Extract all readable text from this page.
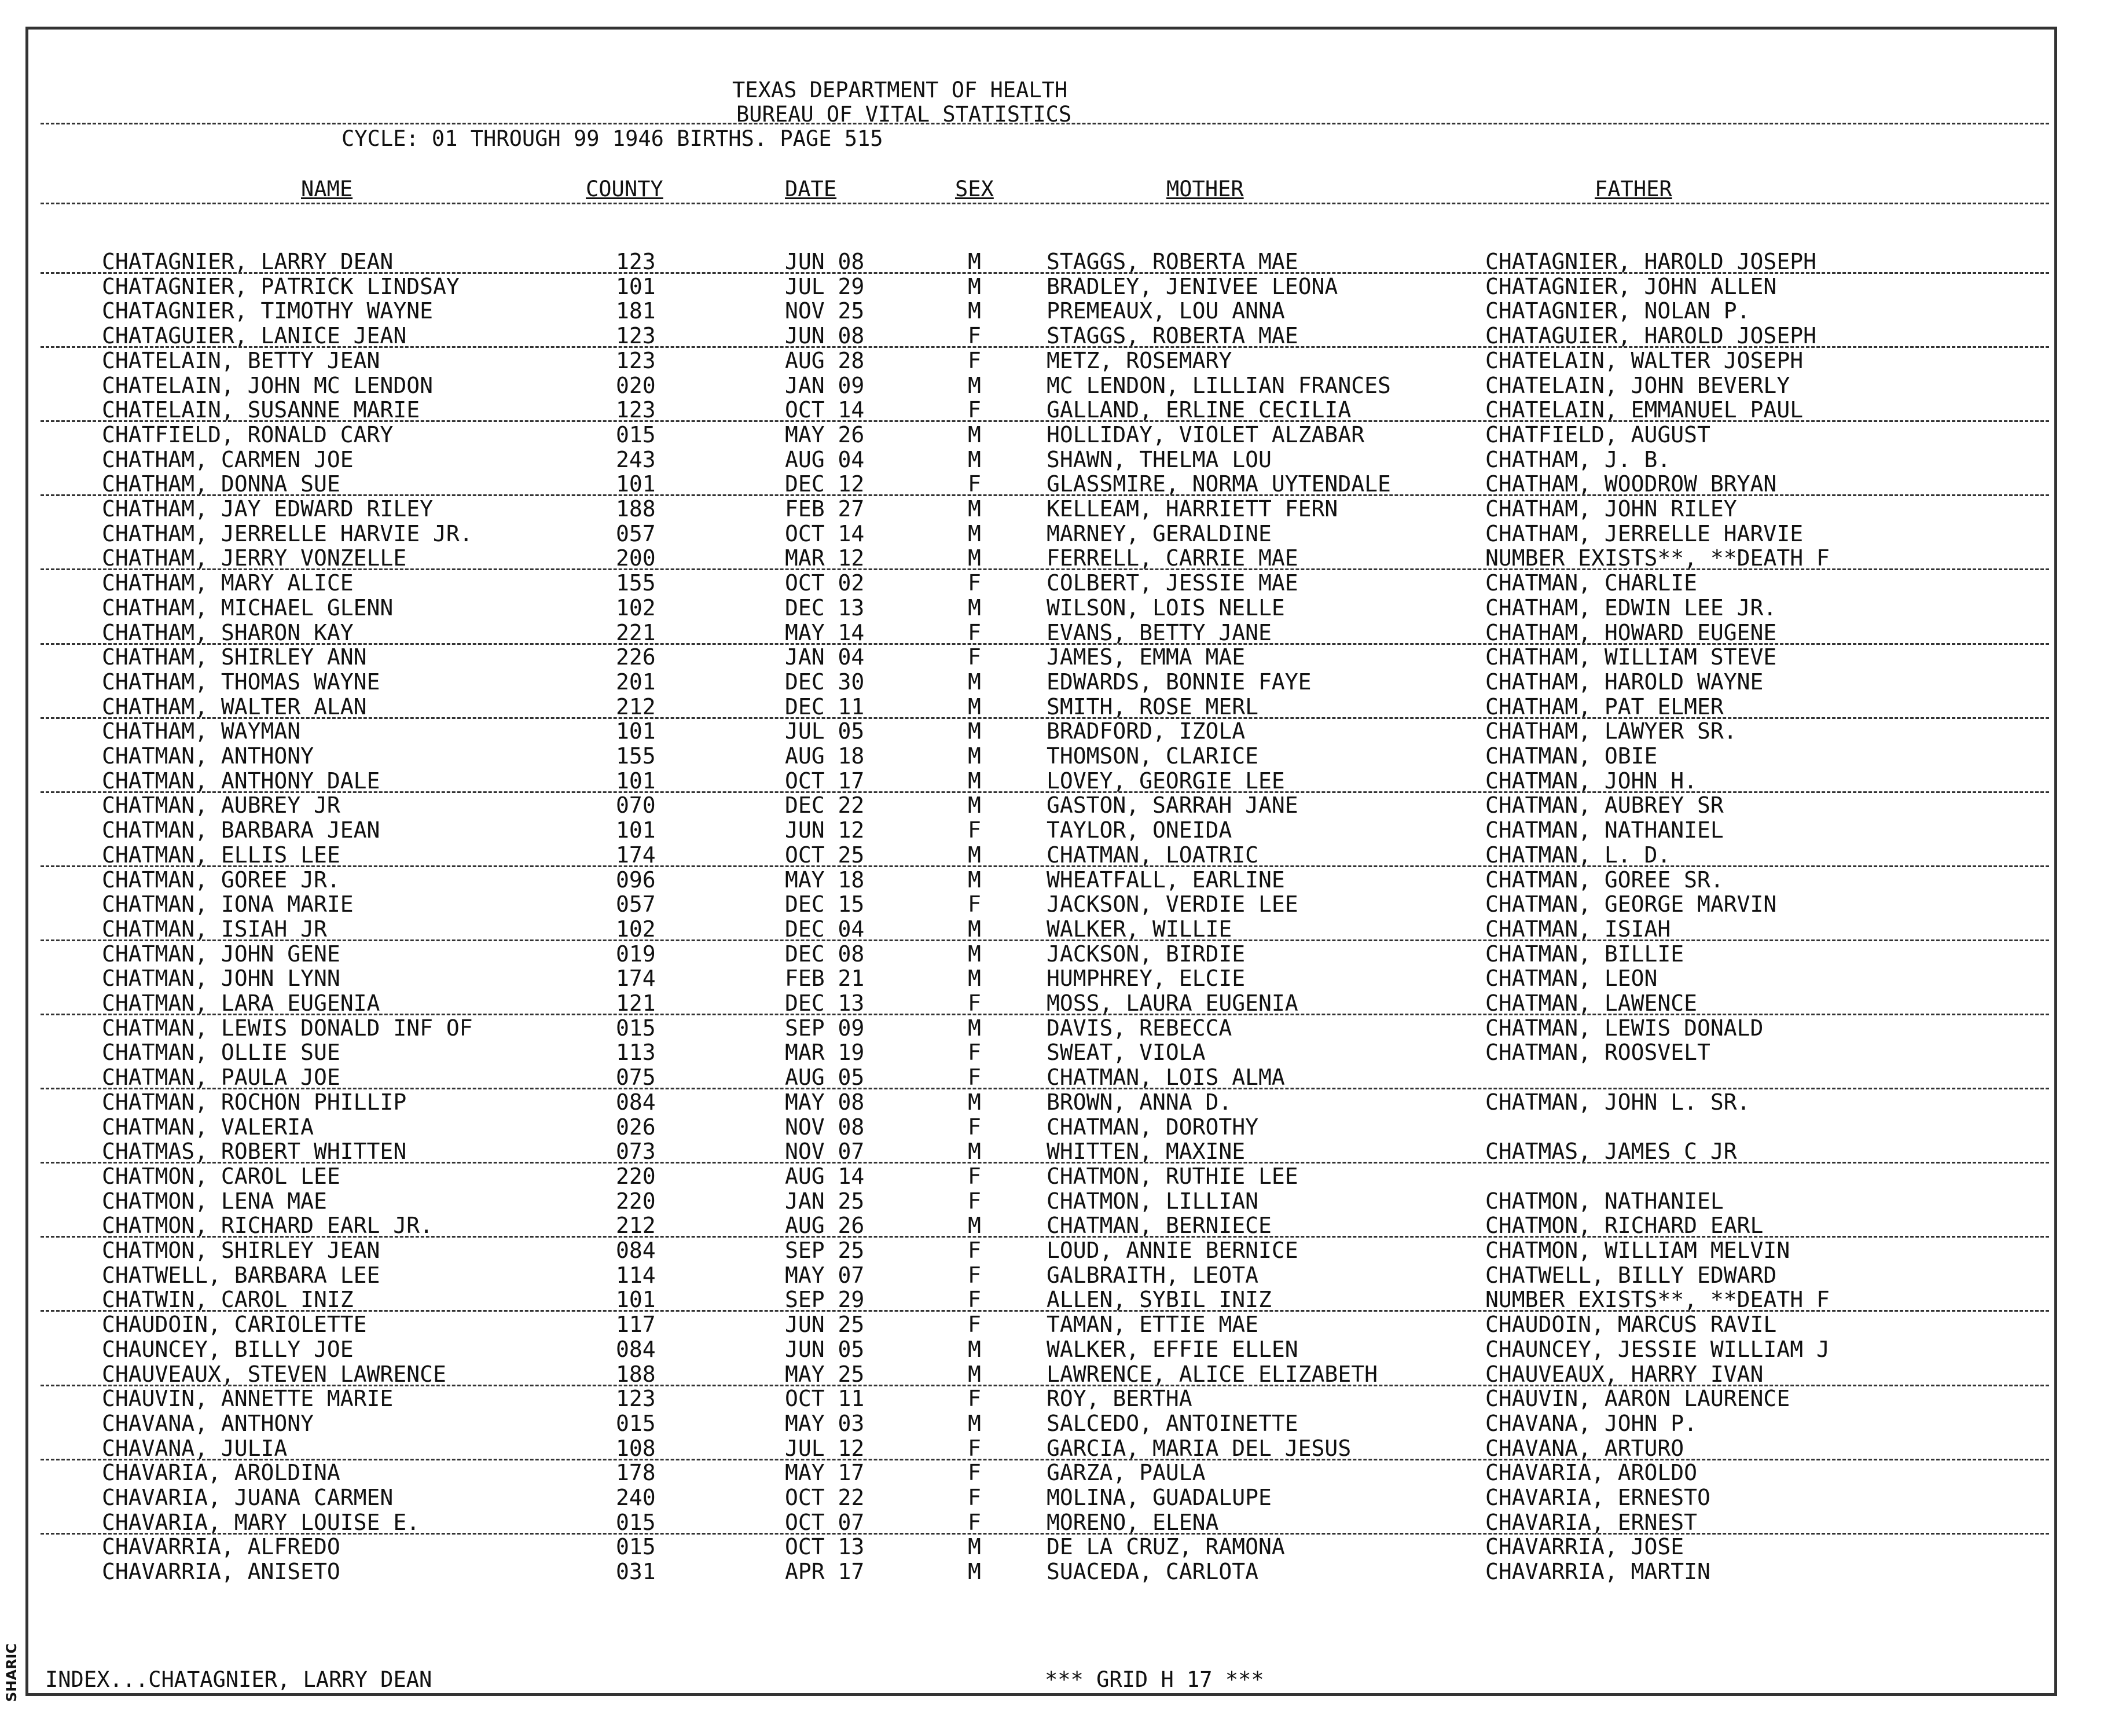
SHARIC
TEXAS DEPARTMENT OF HEALTH
BUREAU OF VITAL STATISTICS
CYCLE: 01 THROUGH 99 1946 BIRTHS. PAGE 515
NAME	COUNTY	DATE	SEX	MOTHER	FATHER
CHATAGNIER, LARRY DEAN	123	JUN 08	M	STAGGS, ROBERTA MAE	CHATAGNIER, HAROLD JOSEPH
CHATAGNIER, PATRICK LINDSAY	101	JUL 29	M	BRADLEY, JENIVEE LEONA	CHATAGNIER, JOHN ALLEN
CHATAGNIER, TIMOTHY WAYNE	181	NOV 25	M	PREMEAUX, LOU ANNA	CHATAGNIER, NOLAN P.
CHATAGUIER, LANICE JEAN	123	JUN 08	F	STAGGS, ROBERTA MAE	CHATAGUIER, HAROLD JOSEPH
CHATELAIN, BETTY JEAN	123	AUG 28	F	METZ, ROSEMARY	CHATELAIN, WALTER JOSEPH
CHATELAIN, JOHN MC LENDON	020	JAN 09	M	MC LENDON, LILLIAN FRANCES	CHATELAIN, JOHN BEVERLY
CHATELAIN, SUSANNE MARIE	123	OCT 14	F	GALLAND, ERLINE CECILIA	CHATELAIN, EMMANUEL PAUL
CHATFIELD, RONALD CARY	015	MAY 26	M	HOLLIDAY, VIOLET ALZABAR	CHATFIELD, AUGUST
CHATHAM, CARMEN JOE	243	AUG 04	M	SHAWN, THELMA LOU	CHATHAM, J. B.
CHATHAM, DONNA SUE	101	DEC 12	F	GLASSMIRE, NORMA UYTENDALE	CHATHAM, WOODROW BRYAN
CHATHAM, JAY EDWARD RILEY	188	FEB 27	M	KELLEAM, HARRIETT FERN	CHATHAM, JOHN RILEY
CHATHAM, JERRELLE HARVIE JR.	057	OCT 14	M	MARNEY, GERALDINE	CHATHAM, JERRELLE HARVIE
CHATHAM, JERRY VONZELLE	200	MAR 12	M	FERRELL, CARRIE MAE	NUMBER EXISTS**, **DEATH F
CHATHAM, MARY ALICE	155	OCT 02	F	COLBERT, JESSIE MAE	CHATMAN, CHARLIE
CHATHAM, MICHAEL GLENN	102	DEC 13	M	WILSON, LOIS NELLE	CHATHAM, EDWIN LEE JR.
CHATHAM, SHARON KAY	221	MAY 14	F	EVANS, BETTY JANE	CHATHAM, HOWARD EUGENE
CHATHAM, SHIRLEY ANN	226	JAN 04	F	JAMES, EMMA MAE	CHATHAM, WILLIAM STEVE
CHATHAM, THOMAS WAYNE	201	DEC 30	M	EDWARDS, BONNIE FAYE	CHATHAM, HAROLD WAYNE
CHATHAM, WALTER ALAN	212	DEC 11	M	SMITH, ROSE MERL	CHATHAM, PAT ELMER
CHATHAM, WAYMAN	101	JUL 05	M	BRADFORD, IZOLA	CHATHAM, LAWYER SR.
CHATMAN, ANTHONY	155	AUG 18	M	THOMSON, CLARICE	CHATMAN, OBIE
CHATMAN, ANTHONY DALE	101	OCT 17	M	LOVEY, GEORGIE LEE	CHATMAN, JOHN H.
CHATMAN, AUBREY JR	070	DEC 22	M	GASTON, SARRAH JANE	CHATMAN, AUBREY SR
CHATMAN, BARBARA JEAN	101	JUN 12	F	TAYLOR, ONEIDA	CHATMAN, NATHANIEL
CHATMAN, ELLIS LEE	174	OCT 25	M	CHATMAN, LOATRIC	CHATMAN, L. D.
CHATMAN, GOREE JR.	096	MAY 18	M	WHEATFALL, EARLINE	CHATMAN, GOREE SR.
CHATMAN, IONA MARIE	057	DEC 15	F	JACKSON, VERDIE LEE	CHATMAN, GEORGE MARVIN
CHATMAN, ISIAH JR	102	DEC 04	M	WALKER, WILLIE	CHATMAN, ISIAH
CHATMAN, JOHN GENE	019	DEC 08	M	JACKSON, BIRDIE	CHATMAN, BILLIE
CHATMAN, JOHN LYNN	174	FEB 21	M	HUMPHREY, ELCIE	CHATMAN, LEON
CHATMAN, LARA EUGENIA	121	DEC 13	F	MOSS, LAURA EUGENIA	CHATMAN, LAWENCE
CHATMAN, LEWIS DONALD INF OF	015	SEP 09	M	DAVIS, REBECCA	CHATMAN, LEWIS DONALD
CHATMAN, OLLIE SUE	113	MAR 19	F	SWEAT, VIOLA	CHATMAN, ROOSVELT
CHATMAN, PAULA JOE	075	AUG 05	F	CHATMAN, LOIS ALMA
CHATMAN, ROCHON PHILLIP	084	MAY 08	M	BROWN, ANNA D.	CHATMAN, JOHN L. SR.
CHATMAN, VALERIA	026	NOV 08	F	CHATMAN, DOROTHY
CHATMAS, ROBERT WHITTEN	073	NOV 07	M	WHITTEN, MAXINE	CHATMAS, JAMES C JR
CHATMON, CAROL LEE	220	AUG 14	F	CHATMON, RUTHIE LEE
CHATMON, LENA MAE	220	JAN 25	F	CHATMON, LILLIAN	CHATMON, NATHANIEL
CHATMON, RICHARD EARL JR.	212	AUG 26	M	CHATMAN, BERNIECE	CHATMON, RICHARD EARL
CHATMON, SHIRLEY JEAN	084	SEP 25	F	LOUD, ANNIE BERNICE	CHATMON, WILLIAM MELVIN
CHATWELL, BARBARA LEE	114	MAY 07	F	GALBRAITH, LEOTA	CHATWELL, BILLY EDWARD
CHATWIN, CAROL INIZ	101	SEP 29	F	ALLEN, SYBIL INIZ	NUMBER EXISTS**, **DEATH F
CHAUDOIN, CARIOLETTE	117	JUN 25	F	TAMAN, ETTIE MAE	CHAUDOIN, MARCUS RAVIL
CHAUNCEY, BILLY JOE	084	JUN 05	M	WALKER, EFFIE ELLEN	CHAUNCEY, JESSIE WILLIAM J
CHAUVEAUX, STEVEN LAWRENCE	188	MAY 25	M	LAWRENCE, ALICE ELIZABETH	CHAUVEAUX, HARRY IVAN
CHAUVIN, ANNETTE MARIE	123	OCT 11	F	ROY, BERTHA	CHAUVIN, AARON LAURENCE
CHAVANA, ANTHONY	015	MAY 03	M	SALCEDO, ANTOINETTE	CHAVANA, JOHN P.
CHAVANA, JULIA	108	JUL 12	F	GARCIA, MARIA DEL JESUS	CHAVANA, ARTURO
CHAVARIA, AROLDINA	178	MAY 17	F	GARZA, PAULA	CHAVARIA, AROLDO
CHAVARIA, JUANA CARMEN	240	OCT 22	F	MOLINA, GUADALUPE	CHAVARIA, ERNESTO
CHAVARIA, MARY LOUISE E.	015	OCT 07	F	MORENO, ELENA	CHAVARIA, ERNEST
CHAVARRIA, ALFREDO	015	OCT 13	M	DE LA CRUZ, RAMONA	CHAVARRIA, JOSE
CHAVARRIA, ANISETO	031	APR 17	M	SUACEDA, CARLOTA	CHAVARRIA, MARTIN
INDEX...CHATAGNIER, LARRY DEAN	*** GRID H 17 ***
